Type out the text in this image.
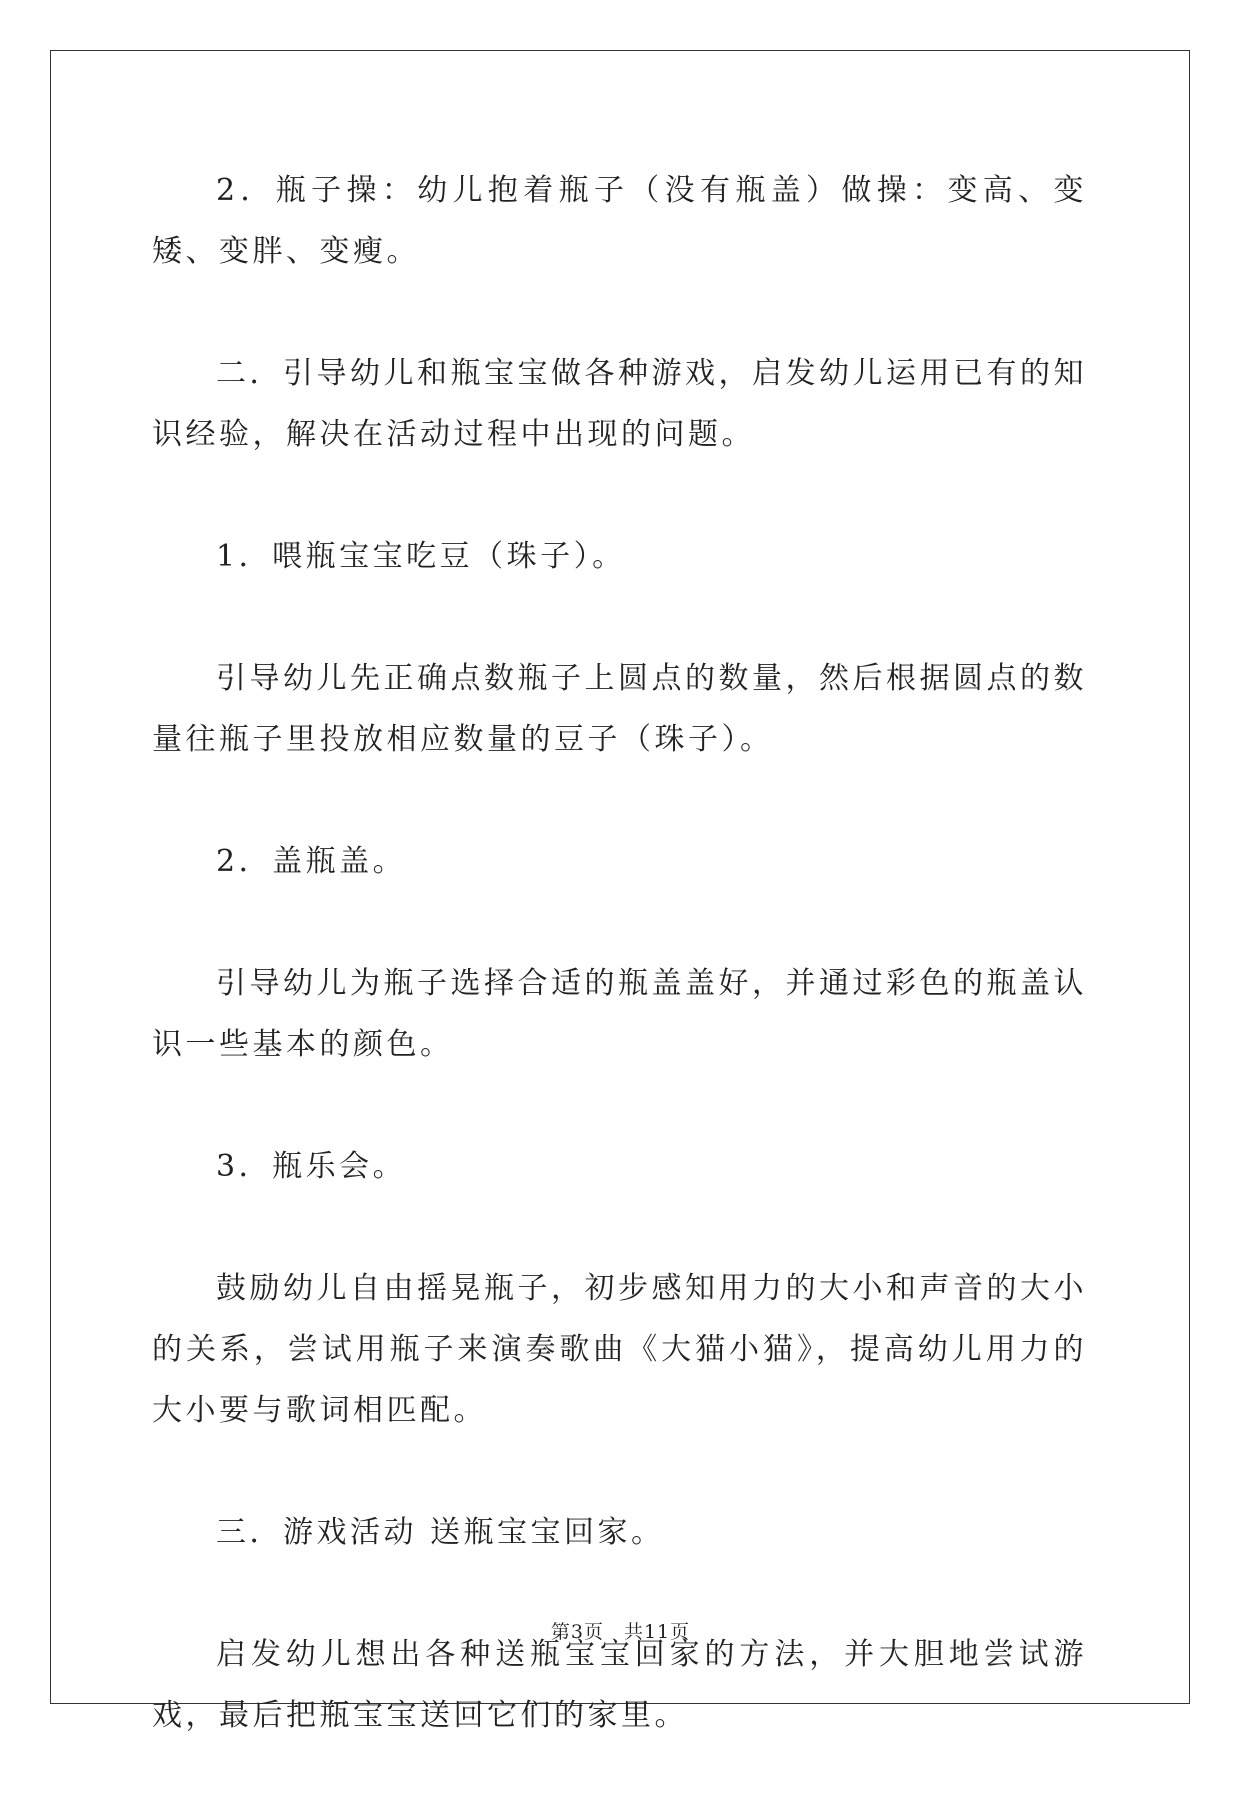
2．瓶子操：幼儿抱着瓶子（没有瓶盖）做操：变高、变矮、变胖、变瘦。

二．引导幼儿和瓶宝宝做各种游戏，启发幼儿运用已有的知识经验，解决在活动过程中出现的问题。

1．喂瓶宝宝吃豆（珠子）。

引导幼儿先正确点数瓶子上圆点的数量，然后根据圆点的数量往瓶子里投放相应数量的豆子（珠子）。

2．盖瓶盖。

引导幼儿为瓶子选择合适的瓶盖盖好，并通过彩色的瓶盖认识一些基本的颜色。

3．瓶乐会。

鼓励幼儿自由摇晃瓶子，初步感知用力的大小和声音的大小的关系，尝试用瓶子来演奏歌曲《大猫小猫》，提高幼儿用力的大小要与歌词相匹配。

三．游戏活动 送瓶宝宝回家。

启发幼儿想出各种送瓶宝宝回家的方法，并大胆地尝试游戏，最后把瓶宝宝送回它们的家里。

第3页　共11页
